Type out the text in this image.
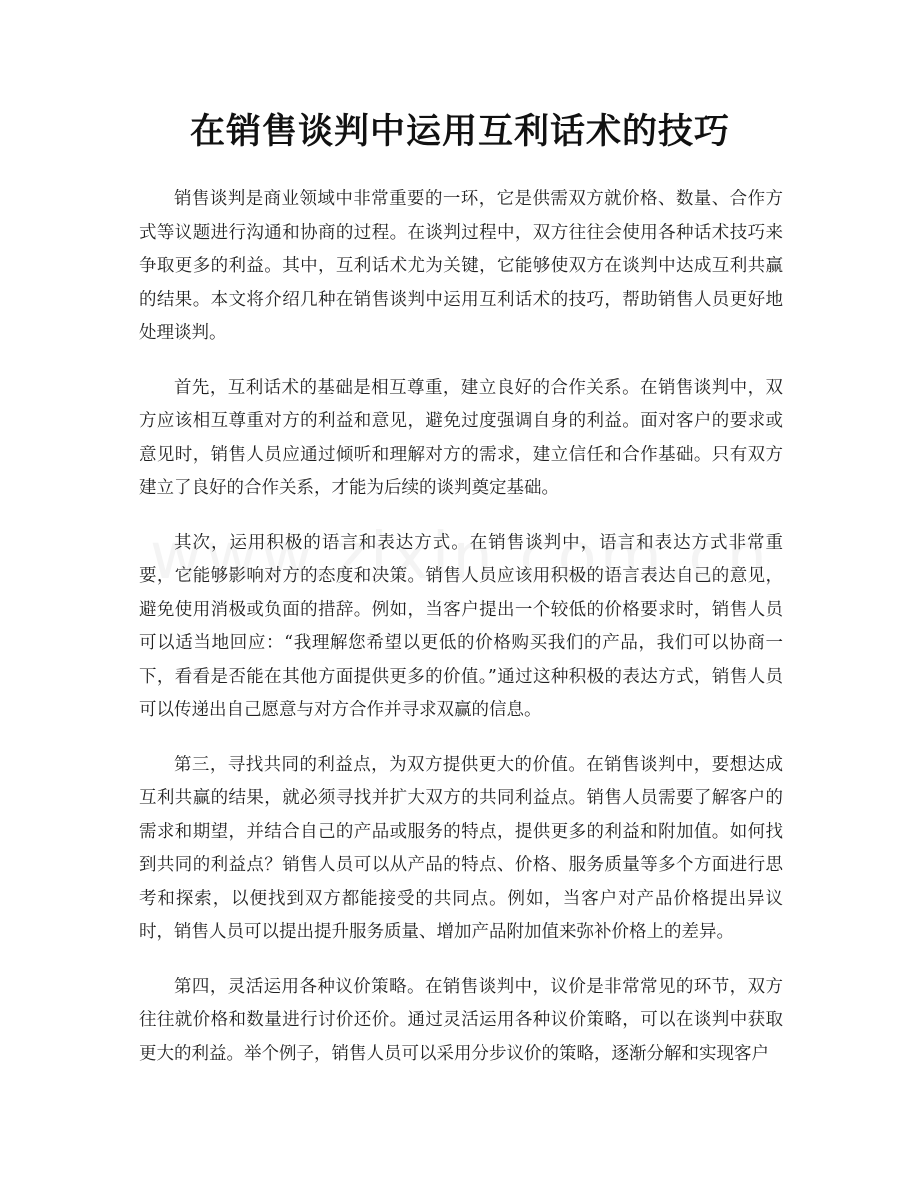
在销售谈判中运用互利话术的技巧

销售谈判是商业领域中非常重要的一环，它是供需双方就价格、数量、合作方式等议题进行沟通和协商的过程。在谈判过程中，双方往往会使用各种话术技巧来争取更多的利益。其中，互利话术尤为关键，它能够使双方在谈判中达成互利共赢的结果。本文将介绍几种在销售谈判中运用互利话术的技巧，帮助销售人员更好地处理谈判。

首先，互利话术的基础是相互尊重，建立良好的合作关系。在销售谈判中，双方应该相互尊重对方的利益和意见，避免过度强调自身的利益。面对客户的要求或意见时，销售人员应通过倾听和理解对方的需求，建立信任和合作基础。只有双方建立了良好的合作关系，才能为后续的谈判奠定基础。

其次，运用积极的语言和表达方式。在销售谈判中，语言和表达方式非常重要，它能够影响对方的态度和决策。销售人员应该用积极的语言表达自己的意见，避免使用消极或负面的措辞。例如，当客户提出一个较低的价格要求时，销售人员可以适当地回应：“我理解您希望以更低的价格购买我们的产品，我们可以协商一下，看看是否能在其他方面提供更多的价值。”通过这种积极的表达方式，销售人员可以传递出自己愿意与对方合作并寻求双赢的信息。

第三，寻找共同的利益点，为双方提供更大的价值。在销售谈判中，要想达成互利共赢的结果，就必须寻找并扩大双方的共同利益点。销售人员需要了解客户的需求和期望，并结合自己的产品或服务的特点，提供更多的利益和附加值。如何找到共同的利益点？销售人员可以从产品的特点、价格、服务质量等多个方面进行思考和探索，以便找到双方都能接受的共同点。例如，当客户对产品价格提出异议时，销售人员可以提出提升服务质量、增加产品附加值来弥补价格上的差异。

第四，灵活运用各种议价策略。在销售谈判中，议价是非常常见的环节，双方往往就价格和数量进行讨价还价。通过灵活运用各种议价策略，可以在谈判中获取更大的利益。举个例子，销售人员可以采用分步议价的策略，逐渐分解和实现客户
